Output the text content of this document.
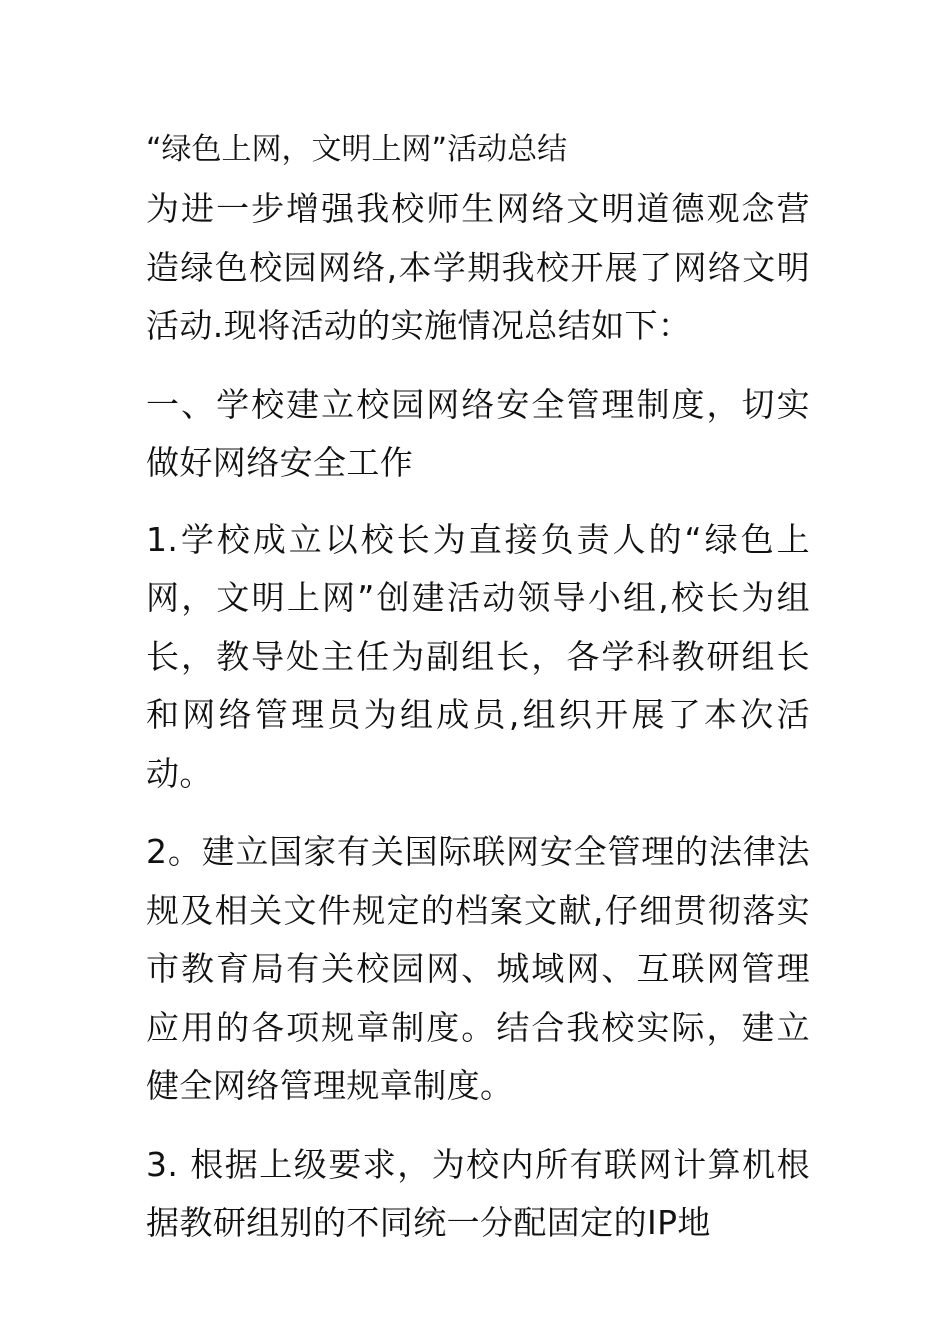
“绿色上网，文明上网”活动总结

为进一步增强我校师生网络文明道德观念营造绿色校园网络,本学期我校开展了网络文明活动.现将活动的实施情况总结如下：

一、学校建立校园网络安全管理制度，切实做好网络安全工作

1.学校成立以校长为直接负责人的“绿色上网，文明上网”创建活动领导小组,校长为组长，教导处主任为副组长，各学科教研组长和网络管理员为组成员,组织开展了本次活动。

2。建立国家有关国际联网安全管理的法律法规及相关文件规定的档案文献,仔细贯彻落实市教育局有关校园网、城域网、互联网管理应用的各项规章制度。结合我校实际，建立健全网络管理规章制度。

3. 根据上级要求，为校内所有联网计算机根据教研组别的不同统一分配固定的IP地
